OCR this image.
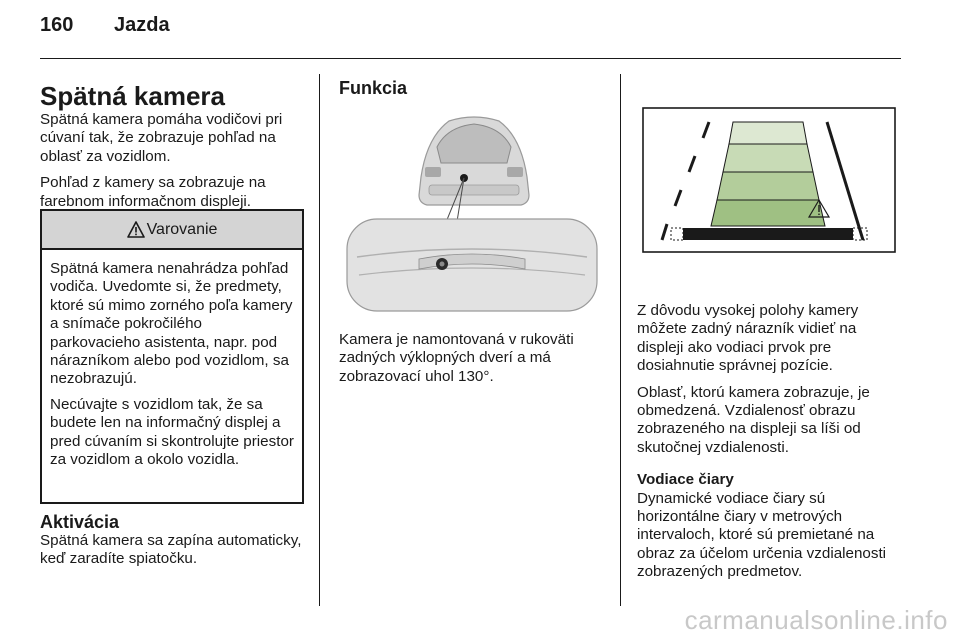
160 Jazda
Spätná kamera

Spätná kamera pomáha vodičovi pri cúvaní tak, že zobrazuje pohľad na oblasť za vozidlom.

Pohľad z kamery sa zobrazuje na farebnom informačnom displeji.

Varovanie

Spätná kamera nenahrádza pohľad vodiča. Uvedomte si, že predmety, ktoré sú mimo zorného poľa kamery a snímače pokročilého parkovacieho asistenta, napr. pod nárazníkom alebo pod vozidlom, sa nezobrazujú.

Necúvajte s vozidlom tak, že sa budete len na informačný displej a pred cúvaním si skontrolujte priestor za vozidlom a okolo vozidla.

Aktivácia

Spätná kamera sa zapína automaticky, keď zaradíte spiatočku.

Funkcia

Kamera je namontovaná v rukoväti zadných výklopných dverí a má zobrazovací uhol 130°.

Z dôvodu vysokej polohy kamery môžete zadný nárazník vidieť na displeji ako vodiaci prvok pre dosiahnutie správnej pozície.

Oblasť, ktorú kamera zobrazuje, je obmedzená. Vzdialenosť obrazu zobrazeného na displeji sa líši od skutočnej vzdialenosti.

Vodiace čiary

Dynamické vodiace čiary sú horizontálne čiary v metrových intervaloch, ktoré sú premietané na obraz za účelom určenia vzdialenosti zobrazených predmetov.

carmanualsonline.info
